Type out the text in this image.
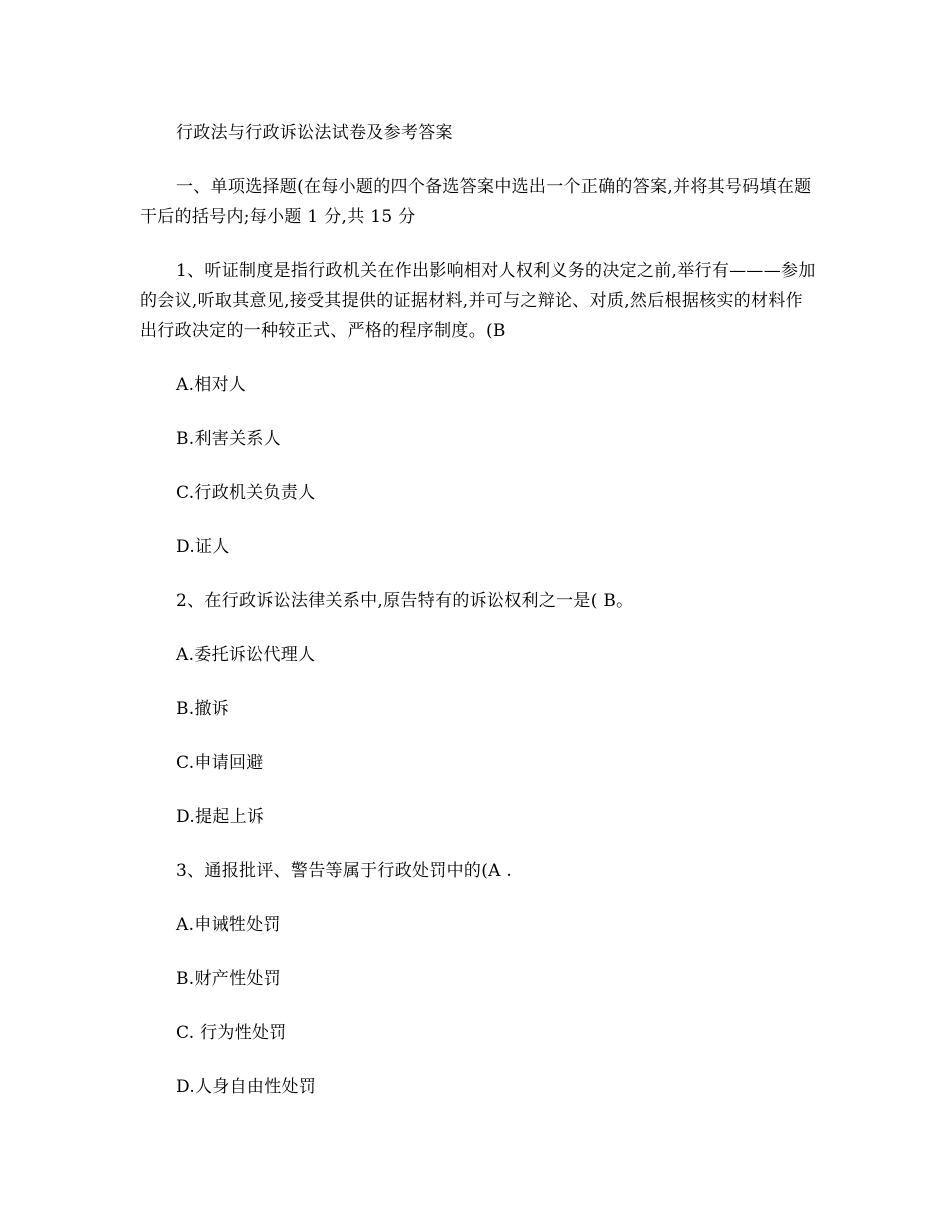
行政法与行政诉讼法试卷及参考答案

一、单项选择题(在每小题的四个备选答案中选出一个正确的答案,并将其号码填在题干后的括号内;每小题 1 分,共 15 分

1、听证制度是指行政机关在作出影响相对人权利义务的决定之前,举行有———参加的会议,听取其意见,接受其提供的证据材料,并可与之辩论、对质,然后根据核实的材料作出行政决定的一种较正式、严格的程序制度。(B

A.相对人

B.利害关系人

C.行政机关负责人

D.证人

2、在行政诉讼法律关系中,原告特有的诉讼权利之一是( B。

A.委托诉讼代理人

B.撤诉

C.申请回避

D.提起上诉

3、通报批评、警告等属于行政处罚中的(A .

A.申诫牲处罚

B.财产性处罚

C. 行为性处罚

D.人身自由性处罚
